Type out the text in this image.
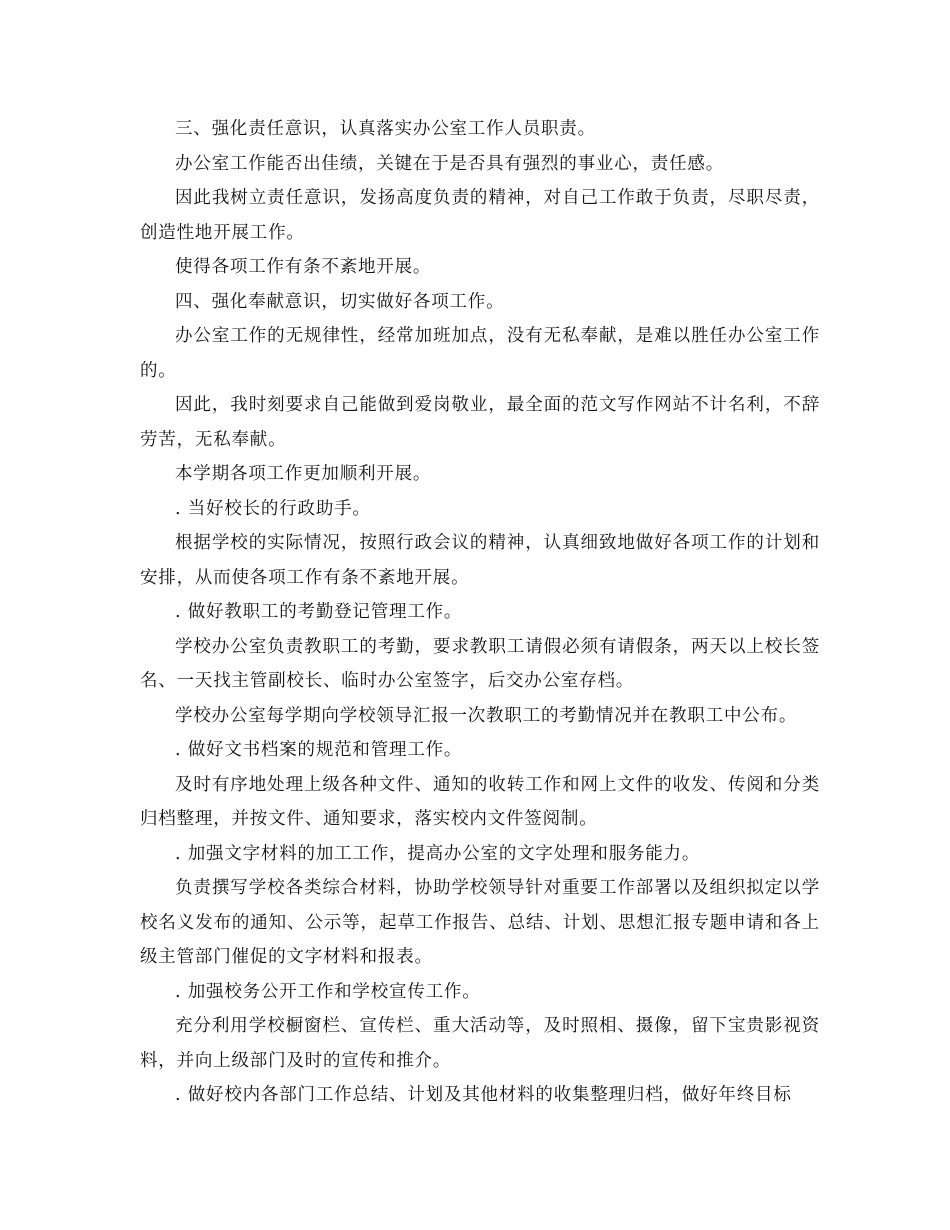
三、强化责任意识，认真落实办公室工作人员职责。

办公室工作能否出佳绩，关键在于是否具有强烈的事业心，责任感。

因此我树立责任意识，发扬高度负责的精神，对自己工作敢于负责，尽职尽责，创造性地开展工作。

使得各项工作有条不紊地开展。

四、强化奉献意识，切实做好各项工作。

办公室工作的无规律性，经常加班加点，没有无私奉献，是难以胜任办公室工作的。

因此，我时刻要求自己能做到爱岗敬业，最全面的范文写作网站不计名利，不辞劳苦，无私奉献。

本学期各项工作更加顺利开展。

. 当好校长的行政助手。

根据学校的实际情况，按照行政会议的精神，认真细致地做好各项工作的计划和安排，从而使各项工作有条不紊地开展。

. 做好教职工的考勤登记管理工作。

学校办公室负责教职工的考勤，要求教职工请假必须有请假条，两天以上校长签名、一天找主管副校长、临时办公室签字，后交办公室存档。

学校办公室每学期向学校领导汇报一次教职工的考勤情况并在教职工中公布。

. 做好文书档案的规范和管理工作。

及时有序地处理上级各种文件、通知的收转工作和网上文件的收发、传阅和分类归档整理，并按文件、通知要求，落实校内文件签阅制。

. 加强文字材料的加工工作，提高办公室的文字处理和服务能力。

负责撰写学校各类综合材料，协助学校领导针对重要工作部署以及组织拟定以学校名义发布的通知、公示等，起草工作报告、总结、计划、思想汇报专题申请和各上级主管部门催促的文字材料和报表。

. 加强校务公开工作和学校宣传工作。

充分利用学校橱窗栏、宣传栏、重大活动等，及时照相、摄像，留下宝贵影视资料，并向上级部门及时的宣传和推介。

. 做好校内各部门工作总结、计划及其他材料的收集整理归档，做好年终目标
